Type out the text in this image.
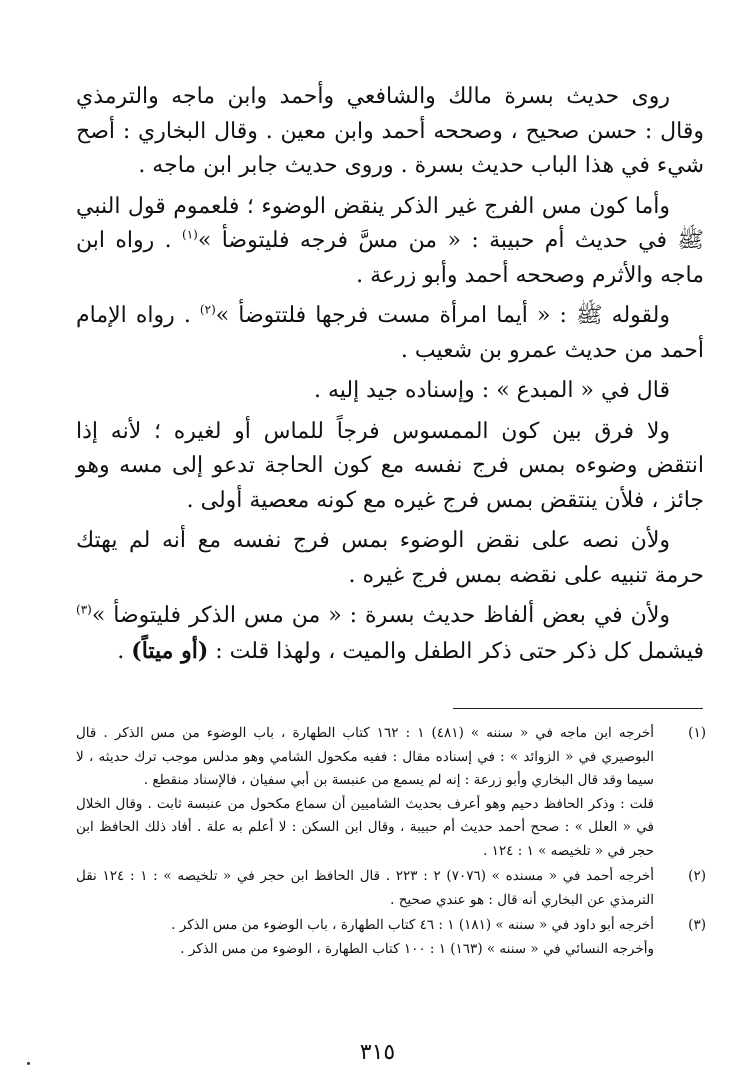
روى حديث بسرة مالك والشافعي وأحمد وابن ماجه والترمذي وقال : حسن صحيح ، وصححه أحمد وابن معين . وقال البخاري : أصح شيء في هذا الباب حديث بسرة . وروى حديث جابر ابن ماجه .

وأما كون مس الفرج غير الذكر ينقض الوضوء ؛ فلعموم قول النبي ﷺ في حديث أم حبيبة : « من مسَّ فرجه فليتوضأ »$^{(١)}$ . رواه ابن ماجه والأثرم وصححه أحمد وأبو زرعة .

ولقوله ﷺ : « أيما امرأة مست فرجها فلتتوضأ »$^{(٢)}$ . رواه الإمام أحمد من حديث عمرو بن شعيب .

قال في « المبدع » : وإسناده جيد إليه .

ولا فرق بين كون الممسوس فرجاً للماس أو لغيره ؛ لأنه إذا انتقض وضوءه بمس فرج نفسه مع كون الحاجة تدعو إلى مسه وهو جائز ، فلأن ينتقض بمس فرج غيره مع كونه معصية أولى .

ولأن نصه على نقض الوضوء بمس فرج نفسه مع أنه لم يهتك حرمة تنبيه على نقضه بمس فرج غيره .

ولأن في بعض ألفاظ حديث بسرة : « من مس الذكر فليتوضأ »$^{(٣)}$ فيشمل كل ذكر حتى ذكر الطفل والميت ، ولهذا قلت : (أو ميتاً) .

(١)
أخرجه ابن ماجه في « سننه » (٤٨١) ١ : ١٦٢ كتاب الطهارة ، باب الوضوء من مس الذكر . قال البوصيري في « الزوائد » : في إسناده مقال : ففيه مكحول الشامي وهو مدلس موجب ترك حديثه ، لا سيما وقد قال البخاري وأبو زرعة : إنه لم يسمع من عنبسة بن أبي سفيان ، فالإسناد منقطع .
قلت : وذكر الحافظ دحيم وهو أعرف بحديث الشاميين أن سماع مكحول من عنبسة ثابت . وقال الخلال في « العلل » : صحح أحمد حديث أم حبيبة ، وقال ابن السكن : لا أعلم به علة . أفاد ذلك الحافظ ابن حجر في « تلخيصه » ١ : ١٢٤ .
(٢)
أخرجه أحمد في « مسنده » (٧٠٧٦) ٢ : ٢٢٣ . قال الحافظ ابن حجر في « تلخيصه » : ١ : ١٢٤ نقل الترمذي عن البخاري أنه قال : هو عندي صحيح .
(٣)
أخرجه أبو داود في « سننه » (١٨١) ١ : ٤٦ كتاب الطهارة ، باب الوضوء من مس الذكر .
وأخرجه النسائي في « سننه » (١٦٣) ١ : ١٠٠ كتاب الطهارة ، الوضوء من مس الذكر .
٣١٥
